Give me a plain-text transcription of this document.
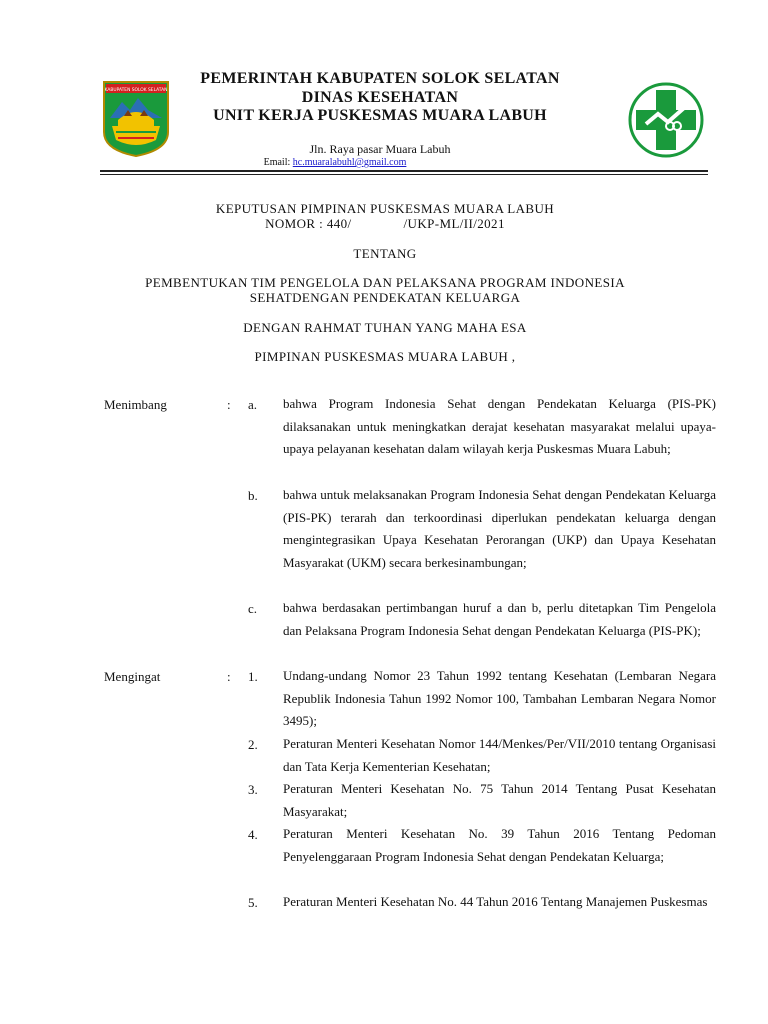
KABUPATEN SOLOK SELATAN
PEMERINTAH KABUPATEN SOLOK SELATAN
DINAS KESEHATAN
UNIT KERJA PUSKESMAS MUARA LABUH
Jln. Raya pasar Muara Labuh
Email: hc.muaralabuhl@gmail.com
KEPUTUSAN PIMPINAN PUSKESMAS MUARA LABUH
NOMOR : 440/	/UKP-ML/II/2021
TENTANG
PEMBENTUKAN TIM PENGELOLA DAN PELAKSANA PROGRAM INDONESIA
SEHATDENGAN PENDEKATAN KELUARGA
DENGAN RAHMAT TUHAN YANG MAHA ESA
PIMPINAN PUSKESMAS MUARA LABUH ,
Menimbang	: a. bahwa Program Indonesia Sehat dengan Pendekatan Keluarga (PIS-PK) dilaksanakan untuk meningkatkan derajat kesehatan masyarakat melalui upaya-upaya pelayanan kesehatan dalam wilayah kerja Puskesmas Muara Labuh;
b. bahwa untuk melaksanakan Program Indonesia Sehat dengan Pendekatan Keluarga (PIS-PK) terarah dan terkoordinasi diperlukan pendekatan keluarga dengan mengintegrasikan Upaya Kesehatan Perorangan (UKP) dan Upaya Kesehatan Masyarakat (UKM) secara berkesinambungan;
c. bahwa berdasakan pertimbangan huruf a dan b, perlu ditetapkan Tim Pengelola dan Pelaksana Program Indonesia Sehat dengan Pendekatan Keluarga (PIS-PK);
Mengingat	: 1. Undang-undang Nomor 23 Tahun 1992 tentang Kesehatan (Lembaran Negara Republik Indonesia Tahun 1992 Nomor 100, Tambahan Lembaran Negara Nomor 3495);
2. Peraturan Menteri Kesehatan Nomor 144/Menkes/Per/VII/2010 tentang Organisasi dan Tata Kerja Kementerian Kesehatan;
3. Peraturan Menteri Kesehatan No. 75 Tahun 2014 Tentang Pusat Kesehatan Masyarakat;
4. Peraturan Menteri Kesehatan No. 39 Tahun 2016 Tentang Pedoman Penyelenggaraan Program Indonesia Sehat dengan Pendekatan Keluarga;
5. Peraturan Menteri Kesehatan No. 44 Tahun 2016 Tentang Manajemen Puskesmas
